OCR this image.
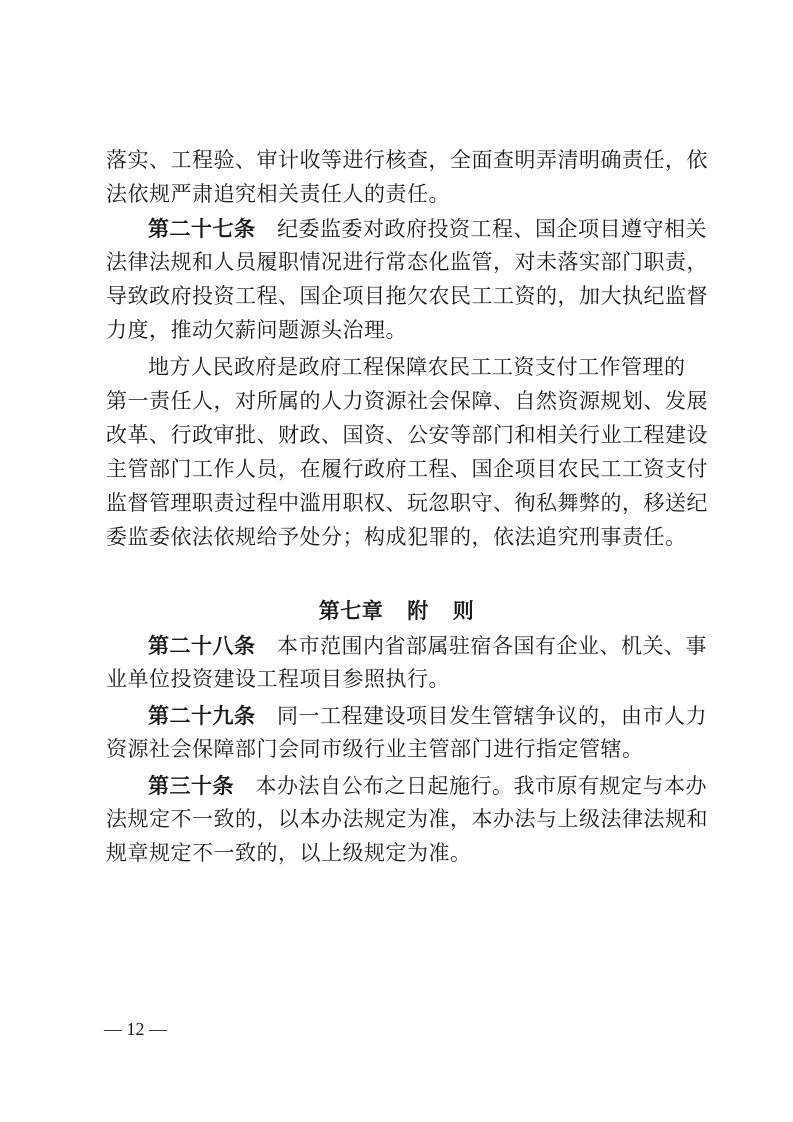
落实、工程验、审计收等进行核查，全面查明弄清明确责任，依
法依规严肃追究相关责任人的责任。
第二十七条 纪委监委对政府投资工程、国企项目遵守相关
法律法规和人员履职情况进行常态化监管，对未落实部门职责，
导致政府投资工程、国企项目拖欠农民工工资的，加大执纪监督
力度，推动欠薪问题源头治理。
地方人民政府是政府工程保障农民工工资支付工作管理的
第一责任人，对所属的人力资源社会保障、自然资源规划、发展
改革、行政审批、财政、国资、公安等部门和相关行业工程建设
主管部门工作人员，在履行政府工程、国企项目农民工工资支付
监督管理职责过程中滥用职权、玩忽职守、徇私舞弊的，移送纪
委监委依法依规给予处分；构成犯罪的，依法追究刑事责任。
第七章 附 则
第二十八条 本市范围内省部属驻宿各国有企业、机关、事
业单位投资建设工程项目参照执行。
第二十九条 同一工程建设项目发生管辖争议的，由市人力
资源社会保障部门会同市级行业主管部门进行指定管辖。
第三十条 本办法自公布之日起施行。我市原有规定与本办
法规定不一致的，以本办法规定为准，本办法与上级法律法规和
规章规定不一致的，以上级规定为准。
— 12 —
